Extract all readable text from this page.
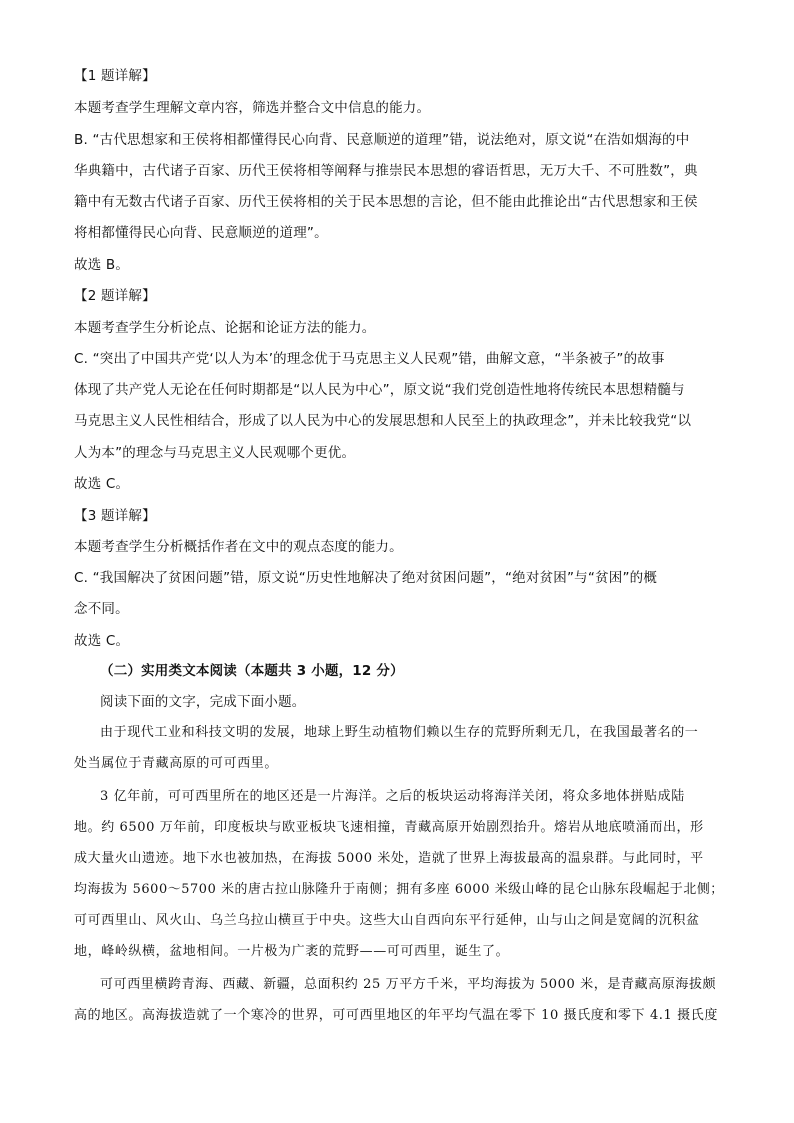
【1 题详解】
本题考查学生理解文章内容，筛选并整合文中信息的能力。
B. “古代思想家和王侯将相都懂得民心向背、民意顺逆的道理”错，说法绝对，原文说“在浩如烟海的中
华典籍中，古代诸子百家、历代王侯将相等阐释与推崇民本思想的睿语哲思，无万大千、不可胜数”，典
籍中有无数古代诸子百家、历代王侯将相的关于民本思想的言论，但不能由此推论出“古代思想家和王侯
将相都懂得民心向背、民意顺逆的道理”。
故选 B。
【2 题详解】
本题考查学生分析论点、论据和论证方法的能力。
C. “突出了中国共产党‘以人为本’的理念优于马克思主义人民观”错，曲解文意，“半条被子”的故事
体现了共产党人无论在任何时期都是“以人民为中心”，原文说“我们党创造性地将传统民本思想精髓与
马克思主义人民性相结合，形成了以人民为中心的发展思想和人民至上的执政理念”，并未比较我党“以
人为本”的理念与马克思主义人民观哪个更优。
故选 C。
【3 题详解】
本题考查学生分析概括作者在文中的观点态度的能力。
C. “我国解决了贫困问题”错，原文说“历史性地解决了绝对贫困问题”，“绝对贫困”与“贫困”的概
念不同。
故选 C。
（二）实用类文本阅读（本题共 3 小题，12 分）
阅读下面的文字，完成下面小题。
由于现代工业和科技文明的发展，地球上野生动植物们赖以生存的荒野所剩无几，在我国最著名的一
处当属位于青藏高原的可可西里。
3 亿年前，可可西里所在的地区还是一片海洋。之后的板块运动将海洋关闭，将众多地体拼贴成陆
地。约 6500 万年前，印度板块与欧亚板块飞速相撞，青藏高原开始剧烈抬升。熔岩从地底喷涌而出，形
成大量火山遗迹。地下水也被加热，在海拔 5000 米处，造就了世界上海拔最高的温泉群。与此同时，平
均海拔为 5600～5700 米的唐古拉山脉隆升于南侧；拥有多座 6000 米级山峰的昆仑山脉东段崛起于北侧；
可可西里山、风火山、乌兰乌拉山横亘于中央。这些大山自西向东平行延伸，山与山之间是宽阔的沉积盆
地，峰岭纵横，盆地相间。一片极为广袤的荒野——可可西里，诞生了。
可可西里横跨青海、西藏、新疆，总面积约 25 万平方千米，平均海拔为 5000 米，是青藏高原海拔颇
高的地区。高海拔造就了一个寒冷的世界，可可西里地区的年平均气温在零下 10 摄氏度和零下 4.1 摄氏度
